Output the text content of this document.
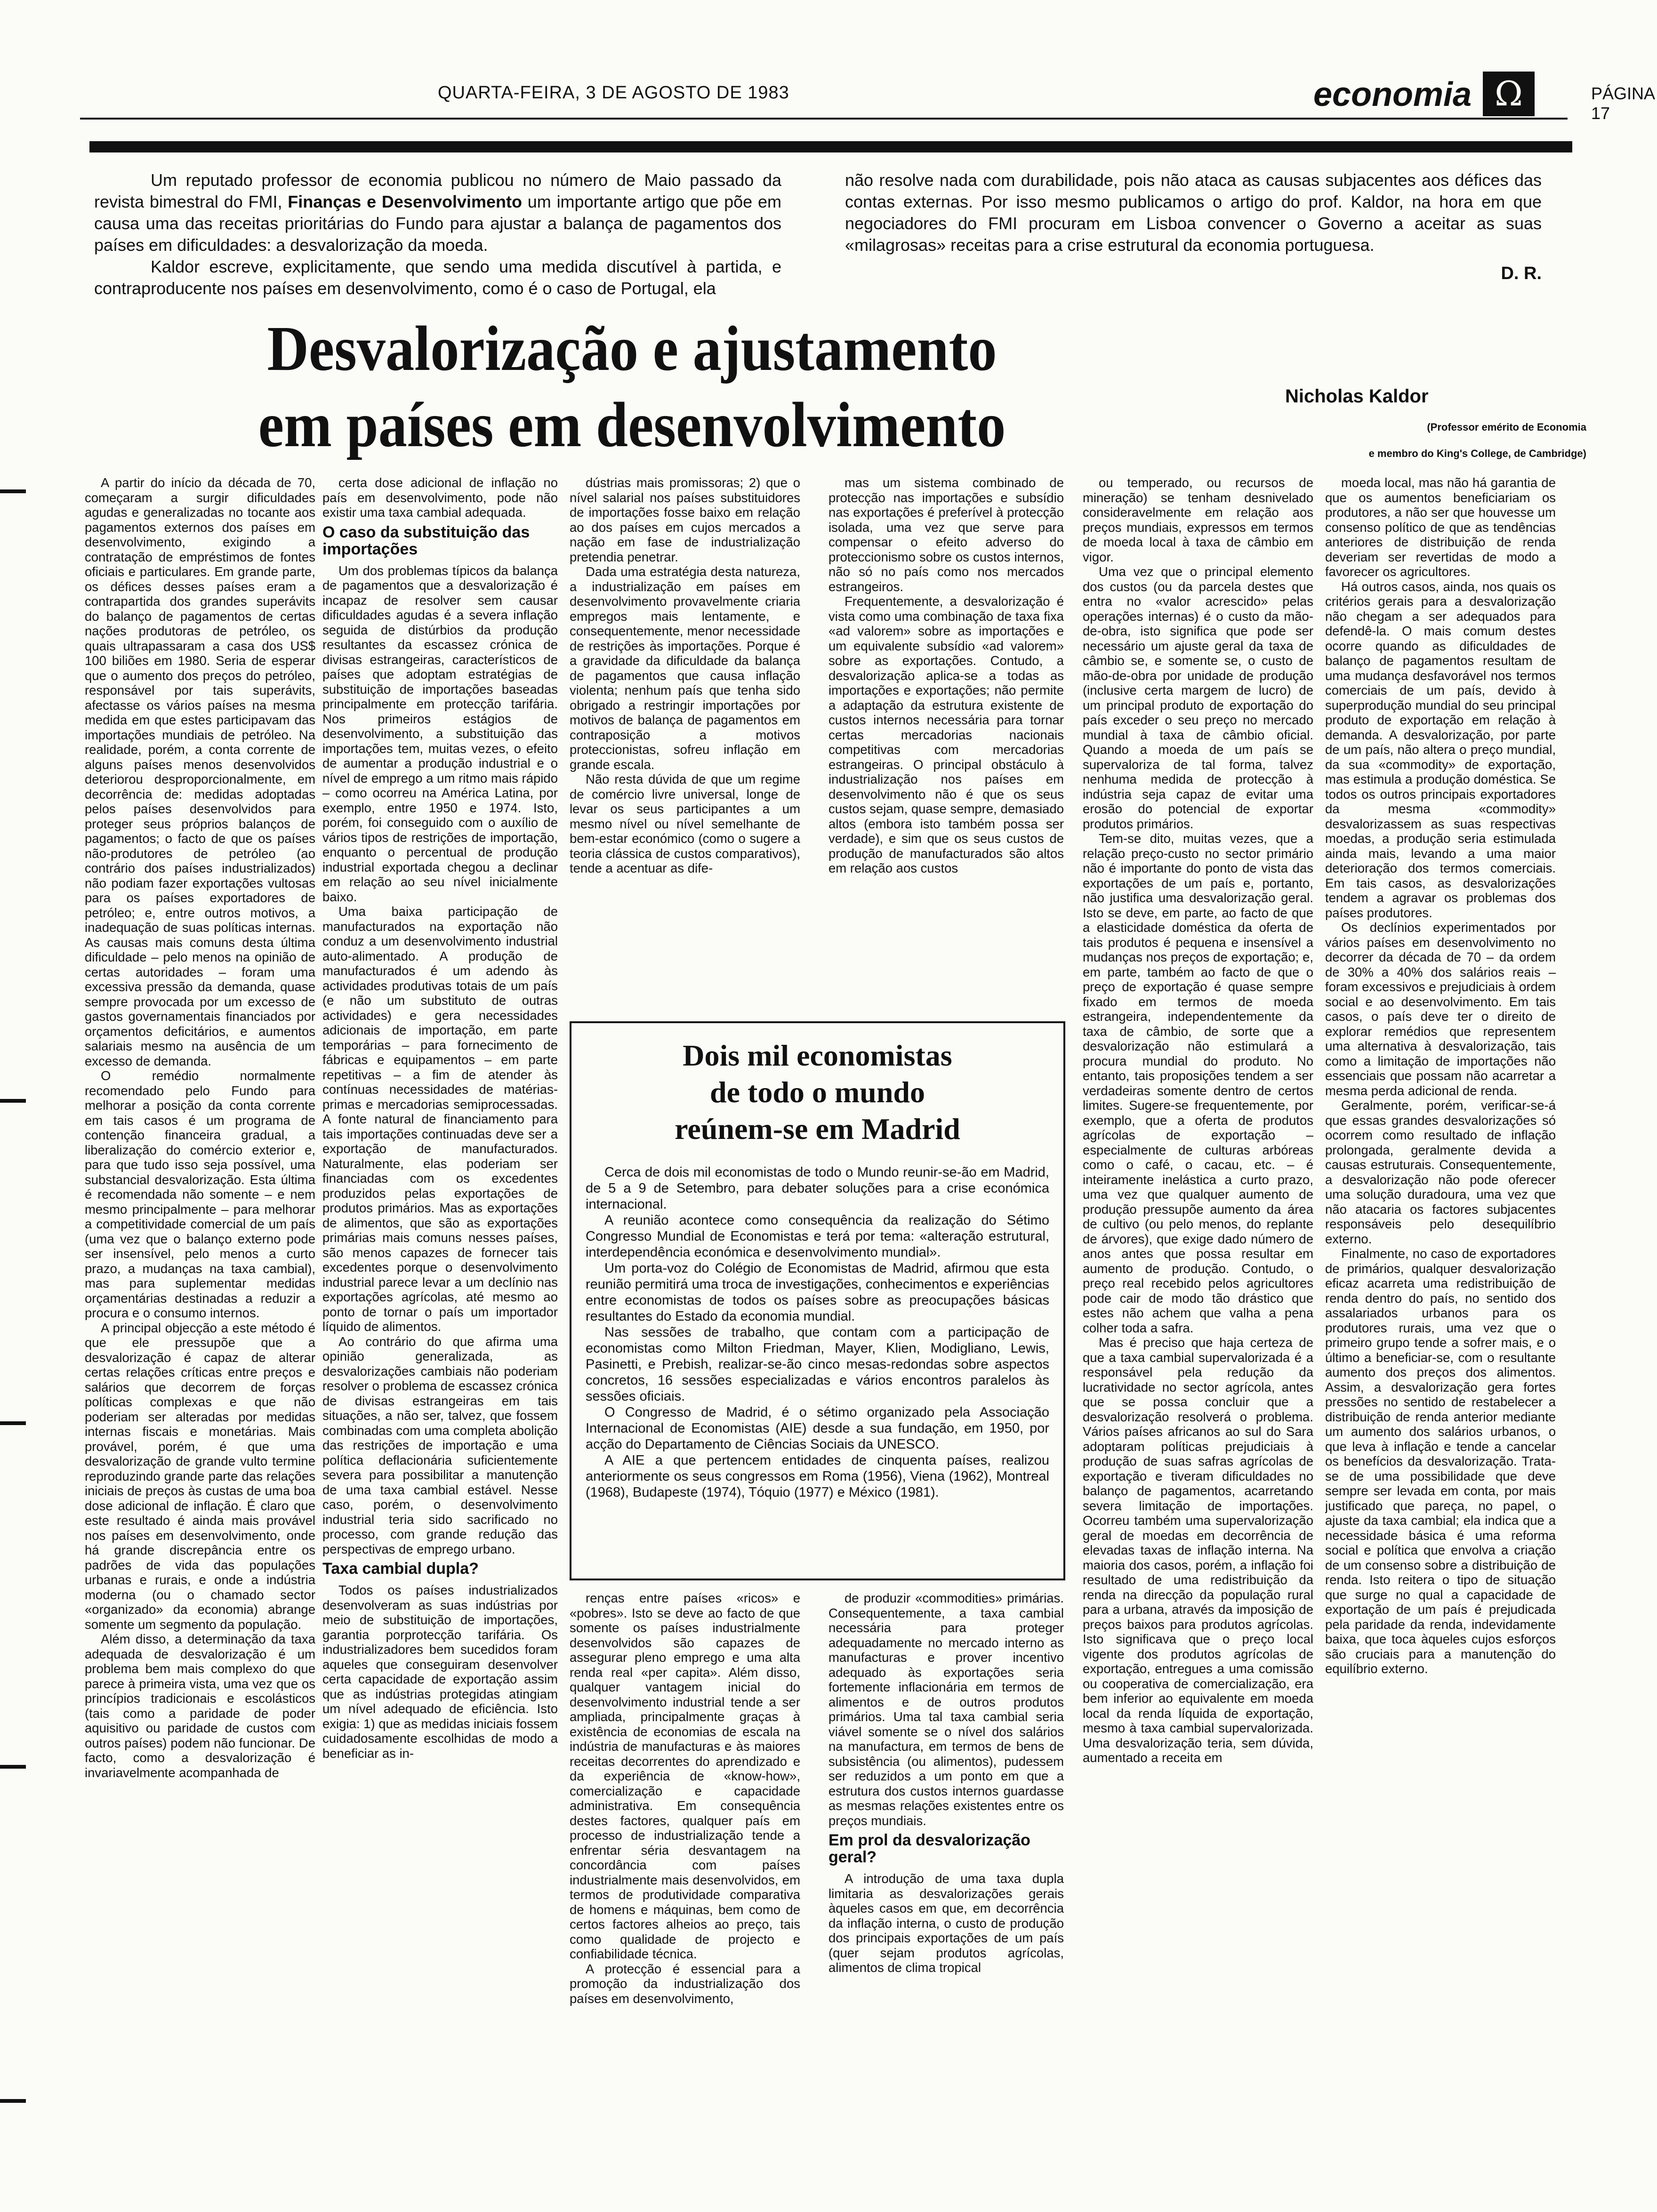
QUARTA-FEIRA, 3 DE AGOSTO DE 1983	economia Ω	PÁGINA 17

Um reputado professor de economia publicou no número de Maio passado da revista bimestral do FMI, Finanças e Desenvolvimento um importante artigo que põe em causa uma das receitas prioritárias do Fundo para ajustar a balança de pagamentos dos países em dificuldades: a desvalorização da moeda.

Kaldor escreve, explicitamente, que sendo uma medida discutível à partida, e contraproducente nos países em desenvolvimento, como é o caso de Portugal, ela

não resolve nada com durabilidade, pois não ataca as causas subjacentes aos défices das contas externas. Por isso mesmo publicamos o artigo do prof. Kaldor, na hora em que negociadores do FMI procuram em Lisboa convencer o Governo a aceitar as suas «milagrosas» receitas para a crise estrutural da economia portuguesa.

D. R.
Desvalorização e ajustamento
em países em desenvolvimento	Nicholas Kaldor
(Professor emérito de Economia
e membro do King's College, de Cambridge)

A partir do início da década de 70, começaram a surgir dificuldades agudas e generalizadas no tocante aos pagamentos externos dos países em desenvolvimento, exigindo a contratação de empréstimos de fontes oficiais e particulares. Em grande parte, os défices desses países eram a contrapartida dos grandes superávits do balanço de pagamentos de certas nações produtoras de petróleo, os quais ultrapassaram a casa dos US$ 100 biliões em 1980. Seria de esperar que o aumento dos preços do petróleo, responsável por tais superávits, afectasse os vários países na mesma medida em que estes participavam das importações mundiais de petróleo. Na realidade, porém, a conta corrente de alguns países menos desenvolvidos deteriorou desproporcionalmente, em decorrência de: medidas adoptadas pelos países desenvolvidos para proteger seus próprios balanços de pagamentos; o facto de que os países não-produtores de petróleo (ao contrário dos países industrializados) não podiam fazer exportações vultosas para os países exportadores de petróleo; e, entre outros motivos, a inadequação de suas políticas internas. As causas mais comuns desta última dificuldade – pelo menos na opinião de certas autoridades – foram uma excessiva pressão da demanda, quase sempre provocada por um excesso de gastos governamentais financiados por orçamentos deficitários, e aumentos salariais mesmo na ausência de um excesso de demanda.

O remédio normalmente recomendado pelo Fundo para melhorar a posição da conta corrente em tais casos é um programa de contenção financeira gradual, a liberalização do comércio exterior e, para que tudo isso seja possível, uma substancial desvalorização. Esta última é recomendada não somente – e nem mesmo principalmente – para melhorar a competitividade comercial de um país (uma vez que o balanço externo pode ser insensível, pelo menos a curto prazo, a mudanças na taxa cambial), mas para suplementar medidas orçamentárias destinadas a reduzir a procura e o consumo internos.

A principal objecção a este método é que ele pressupõe que a desvalorização é capaz de alterar certas relações críticas entre preços e salários que decorrem de forças políticas complexas e que não poderiam ser alteradas por medidas internas fiscais e monetárias. Mais provável, porém, é que uma desvalorização de grande vulto termine reproduzindo grande parte das relações iniciais de preços às custas de uma boa dose adicional de inflação. É claro que este resultado é ainda mais provável nos países em desenvolvimento, onde há grande discrepância entre os padrões de vida das populações urbanas e rurais, e onde a indústria moderna (ou o chamado sector «organizado» da economia) abrange somente um segmento da população.

Além disso, a determinação da taxa adequada de desvalorização é um problema bem mais complexo do que parece à primeira vista, uma vez que os princípios tradicionais e escolásticos (tais como a paridade de poder aquisitivo ou paridade de custos com outros países) podem não funcionar. De facto, como a desvalorização é invariavelmente acompanhada de

certa dose adicional de inflação no país em desenvolvimento, pode não existir uma taxa cambial adequada.

O caso da substituição das importações

Um dos problemas típicos da balança de pagamentos que a desvalorização é incapaz de resolver sem causar dificuldades agudas é a severa inflação seguida de distúrbios da produção resultantes da escassez crónica de divisas estrangeiras, característicos de países que adoptam estratégias de substituição de importações baseadas principalmente em protecção tarifária. Nos primeiros estágios de desenvolvimento, a substituição das importações tem, muitas vezes, o efeito de aumentar a produção industrial e o nível de emprego a um ritmo mais rápido – como ocorreu na América Latina, por exemplo, entre 1950 e 1974. Isto, porém, foi conseguido com o auxílio de vários tipos de restrições de importação, enquanto o percentual de produção industrial exportada chegou a declinar em relação ao seu nível inicialmente baixo.

Uma baixa participação de manufacturados na exportação não conduz a um desenvolvimento industrial auto-alimentado. A produção de manufacturados é um adendo às actividades produtivas totais de um país (e não um substituto de outras actividades) e gera necessidades adicionais de importação, em parte temporárias – para fornecimento de fábricas e equipamentos – em parte repetitivas – a fim de atender às contínuas necessidades de matérias-primas e mercadorias semiprocessadas. A fonte natural de financiamento para tais importações continuadas deve ser a exportação de manufacturados. Naturalmente, elas poderiam ser financiadas com os excedentes produzidos pelas exportações de produtos primários. Mas as exportações de alimentos, que são as exportações primárias mais comuns nesses países, são menos capazes de fornecer tais excedentes porque o desenvolvimento industrial parece levar a um declínio nas exportações agrícolas, até mesmo ao ponto de tornar o país um importador líquido de alimentos.

Ao contrário do que afirma uma opinião generalizada, as desvalorizações cambiais não poderiam resolver o problema de escassez crónica de divisas estrangeiras em tais situações, a não ser, talvez, que fossem combinadas com uma completa abolição das restrições de importação e uma política deflacionária suficientemente severa para possibilitar a manutenção de uma taxa cambial estável. Nesse caso, porém, o desenvolvimento industrial teria sido sacrificado no processo, com grande redução das perspectivas de emprego urbano.

Taxa cambial dupla?

Todos os países industrializados desenvolveram as suas indústrias por meio de substituição de importações, garantia porprotecção tarifária. Os industrializadores bem sucedidos foram aqueles que conseguiram desenvolver certa capacidade de exportação assim que as indústrias protegidas atingiam um nível adequado de eficiência. Isto exigia: 1) que as medidas iniciais fossem cuidadosamente escolhidas de modo a beneficiar as in-

dústrias mais promissoras; 2) que o nível salarial nos países substituidores de importações fosse baixo em relação ao dos países em cujos mercados a nação em fase de industrialização pretendia penetrar.

Dada uma estratégia desta natureza, a industrialização em países em desenvolvimento provavelmente criaria empregos mais lentamente, e consequentemente, menor necessidade de restrições às importações. Porque é a gravidade da dificuldade da balança de pagamentos que causa inflação violenta; nenhum país que tenha sido obrigado a restringir importações por motivos de balança de pagamentos em contraposição a motivos proteccionistas, sofreu inflação em grande escala.

Não resta dúvida de que um regime de comércio livre universal, longe de levar os seus participantes a um mesmo nível ou nível semelhante de bem-estar económico (como o sugere a teoria clássica de custos comparativos), tende a acentuar as dife-

mas um sistema combinado de protecção nas importações e subsídio nas exportações é preferível à protecção isolada, uma vez que serve para compensar o efeito adverso do proteccionismo sobre os custos internos, não só no país como nos mercados estrangeiros.

Frequentemente, a desvalorização é vista como uma combinação de taxa fixa «ad valorem» sobre as importações e um equivalente subsídio «ad valorem» sobre as exportações. Contudo, a desvalorização aplica-se a todas as importações e exportações; não permite a adaptação da estrutura existente de custos internos necessária para tornar certas mercadorias nacionais competitivas com mercadorias estrangeiras. O principal obstáculo à industrialização nos países em desenvolvimento não é que os seus custos sejam, quase sempre, demasiado altos (embora isto também possa ser verdade), e sim que os seus custos de produção de manufacturados são altos em relação aos custos

ou temperado, ou recursos de mineração) se tenham desnivelado consideravelmente em relação aos preços mundiais, expressos em termos de moeda local à taxa de câmbio em vigor.

Uma vez que o principal elemento dos custos (ou da parcela destes que entra no «valor acrescido» pelas operações internas) é o custo da mão-de-obra, isto significa que pode ser necessário um ajuste geral da taxa de câmbio se, e somente se, o custo de mão-de-obra por unidade de produção (inclusive certa margem de lucro) de um principal produto de exportação do país exceder o seu preço no mercado mundial à taxa de câmbio oficial. Quando a moeda de um país se supervaloriza de tal forma, talvez nenhuma medida de protecção à indústria seja capaz de evitar uma erosão do potencial de exportar produtos primários.

Tem-se dito, muitas vezes, que a relação preço-custo no sector primário não é importante do ponto de vista das exportações de um país e, portanto, não justifica uma desvalorização geral. Isto se deve, em parte, ao facto de que a elasticidade doméstica da oferta de tais produtos é pequena e insensível a mudanças nos preços de exportação; e, em parte, também ao facto de que o preço de exportação é quase sempre fixado em termos de moeda estrangeira, independentemente da taxa de câmbio, de sorte que a desvalorização não estimulará a procura mundial do produto. No entanto, tais proposições tendem a ser verdadeiras somente dentro de certos limites. Sugere-se frequentemente, por exemplo, que a oferta de produtos agrícolas de exportação – especialmente de culturas arbóreas como o café, o cacau, etc. – é inteiramente inelástica a curto prazo, uma vez que qualquer aumento de produção pressupõe aumento da área de cultivo (ou pelo menos, do replante de árvores), que exige dado número de anos antes que possa resultar em aumento de produção. Contudo, o preço real recebido pelos agricultores pode cair de modo tão drástico que estes não achem que valha a pena colher toda a safra.

Mas é preciso que haja certeza de que a taxa cambial supervalorizada é a responsável pela redução da lucratividade no sector agrícola, antes que se possa concluir que a desvalorização resolverá o problema. Vários países africanos ao sul do Sara adoptaram políticas prejudiciais à produção de suas safras agrícolas de exportação e tiveram dificuldades no balanço de pagamentos, acarretando severa limitação de importações. Ocorreu também uma supervalorização geral de moedas em decorrência de elevadas taxas de inflação interna. Na maioria dos casos, porém, a inflação foi resultado de uma redistribuição da renda na direcção da população rural para a urbana, através da imposição de preços baixos para produtos agrícolas. Isto significava que o preço local vigente dos produtos agrícolas de exportação, entregues a uma comissão ou cooperativa de comercialização, era bem inferior ao equivalente em moeda local da renda líquida de exportação, mesmo à taxa cambial supervalorizada. Uma desvalorização teria, sem dúvida, aumentado a receita em

moeda local, mas não há garantia de que os aumentos beneficiariam os produtores, a não ser que houvesse um consenso político de que as tendências anteriores de distribuição de renda deveriam ser revertidas de modo a favorecer os agricultores.

Há outros casos, ainda, nos quais os critérios gerais para a desvalorização não chegam a ser adequados para defendê-la. O mais comum destes ocorre quando as dificuldades de balanço de pagamentos resultam de uma mudança desfavorável nos termos comerciais de um país, devido à superprodução mundial do seu principal produto de exportação em relação à demanda. A desvalorização, por parte de um país, não altera o preço mundial, da sua «commodity» de exportação, mas estimula a produção doméstica. Se todos os outros principais exportadores da mesma «commodity» desvalorizassem as suas respectivas moedas, a produção seria estimulada ainda mais, levando a uma maior deterioração dos termos comerciais. Em tais casos, as desvalorizações tendem a agravar os problemas dos países produtores.

Os declínios experimentados por vários países em desenvolvimento no decorrer da década de 70 – da ordem de 30% a 40% dos salários reais – foram excessivos e prejudiciais à ordem social e ao desenvolvimento. Em tais casos, o país deve ter o direito de explorar remédios que representem uma alternativa à desvalorização, tais como a limitação de importações não essenciais que possam não acarretar a mesma perda adicional de renda.

Geralmente, porém, verificar-se-á que essas grandes desvalorizações só ocorrem como resultado de inflação prolongada, geralmente devida a causas estruturais. Consequentemente, a desvalorização não pode oferecer uma solução duradoura, uma vez que não atacaria os factores subjacentes responsáveis pelo desequilíbrio externo.

Finalmente, no caso de exportadores de primários, qualquer desvalorização eficaz acarreta uma redistribuição de renda dentro do país, no sentido dos assalariados urbanos para os produtores rurais, uma vez que o primeiro grupo tende a sofrer mais, e o último a beneficiar-se, com o resultante aumento dos preços dos alimentos. Assim, a desvalorização gera fortes pressões no sentido de restabelecer a distribuição de renda anterior mediante um aumento dos salários urbanos, o que leva à inflação e tende a cancelar os benefícios da desvalorização. Trata-se de uma possibilidade que deve sempre ser levada em conta, por mais justificado que pareça, no papel, o ajuste da taxa cambial; ela indica que a necessidade básica é uma reforma social e política que envolva a criação de um consenso sobre a distribuição de renda. Isto reitera o tipo de situação que surge no qual a capacidade de exportação de um país é prejudicada pela paridade da renda, indevidamente baixa, que toca àqueles cujos esforços são cruciais para a manutenção do equilíbrio externo.

renças entre países «ricos» e «pobres». Isto se deve ao facto de que somente os países industrialmente desenvolvidos são capazes de assegurar pleno emprego e uma alta renda real «per capita». Além disso, qualquer vantagem inicial do desenvolvimento industrial tende a ser ampliada, principalmente graças à existência de economias de escala na indústria de manufacturas e às maiores receitas decorrentes do aprendizado e da experiência de «know-how», comercialização e capacidade administrativa. Em consequência destes factores, qualquer país em processo de industrialização tende a enfrentar séria desvantagem na concordância com países industrialmente mais desenvolvidos, em termos de produtividade comparativa de homens e máquinas, bem como de certos factores alheios ao preço, tais como qualidade de projecto e confiabilidade técnica.

A protecção é essencial para a promoção da industrialização dos países em desenvolvimento,

de produzir «commodities» primárias. Consequentemente, a taxa cambial necessária para proteger adequadamente no mercado interno as manufacturas e prover incentivo adequado às exportações seria fortemente inflacionária em termos de alimentos e de outros produtos primários. Uma tal taxa cambial seria viável somente se o nível dos salários na manufactura, em termos de bens de subsistência (ou alimentos), pudessem ser reduzidos a um ponto em que a estrutura dos custos internos guardasse as mesmas relações existentes entre os preços mundiais.

Em prol da desvalorização geral?

A introdução de uma taxa dupla limitaria as desvalorizações gerais àqueles casos em que, em decorrência da inflação interna, o custo de produção dos principais exportações de um país (quer sejam produtos agrícolas, alimentos de clima tropical

Dois mil economistas
de todo o mundo
reúnem-se em Madrid

Cerca de dois mil economistas de todo o Mundo reunir-se-ão em Madrid, de 5 a 9 de Setembro, para debater soluções para a crise económica internacional.

A reunião acontece como consequência da realização do Sétimo Congresso Mundial de Economistas e terá por tema: «alteração estrutural, interdependência económica e desenvolvimento mundial».

Um porta-voz do Colégio de Economistas de Madrid, afirmou que esta reunião permitirá uma troca de investigações, conhecimentos e experiências entre economistas de todos os países sobre as preocupações básicas resultantes do Estado da economia mundial.

Nas sessões de trabalho, que contam com a participação de economistas como Milton Friedman, Mayer, Klien, Modigliano, Lewis, Pasinetti, e Prebish, realizar-se-ão cinco mesas-redondas sobre aspectos concretos, 16 sessões especializadas e vários encontros paralelos às sessões oficiais.

O Congresso de Madrid, é o sétimo organizado pela Associação Internacional de Economistas (AIE) desde a sua fundação, em 1950, por acção do Departamento de Ciências Sociais da UNESCO.

A AIE a que pertencem entidades de cinquenta países, realizou anteriormente os seus congressos em Roma (1956), Viena (1962), Montreal (1968), Budapeste (1974), Tóquio (1977) e México (1981).
